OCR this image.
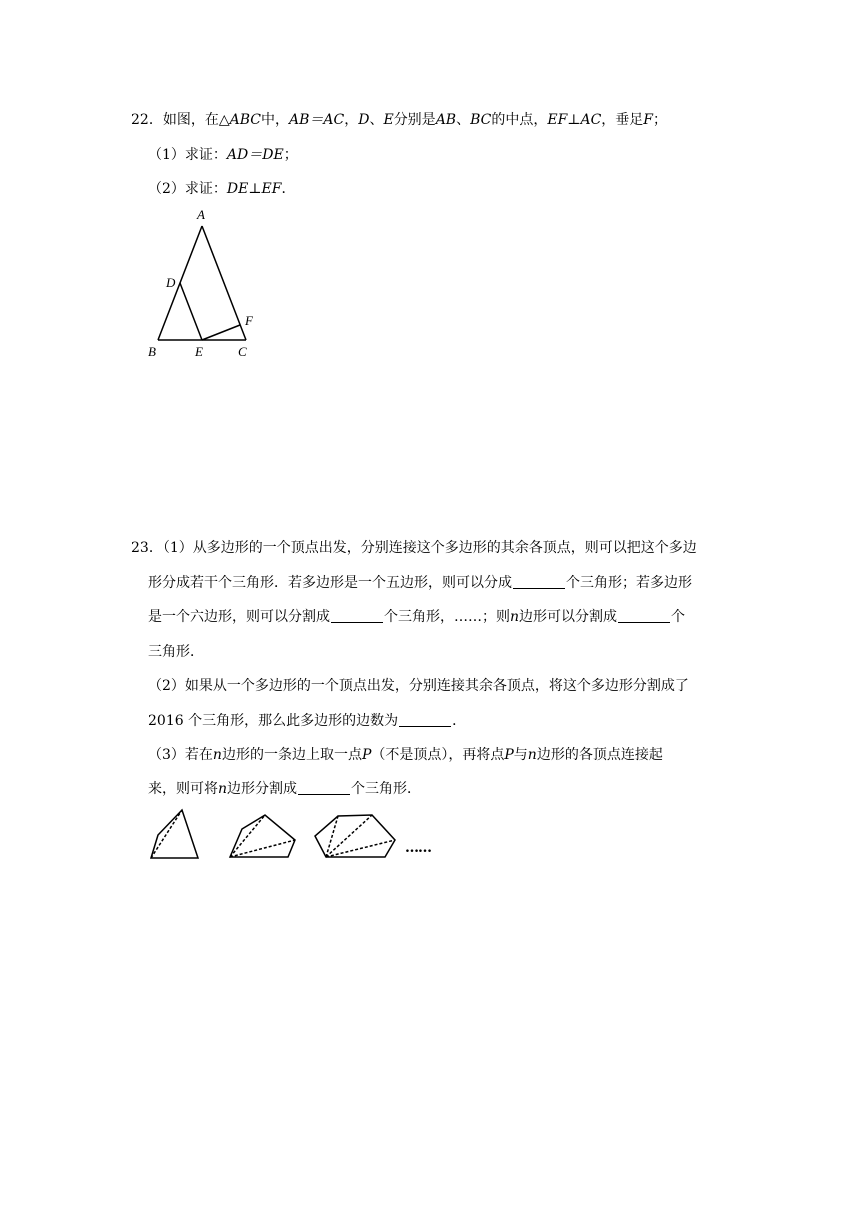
22．如图，在△ABC中，AB＝AC，D、E分别是AB、BC的中点，EF⊥AC，垂足F；
（1）求证：AD＝DE；
（2）求证：DE⊥EF．
A
B	C
D
E
F
23．（1）从多边形的一个顶点出发，分别连接这个多边形的其余各顶点，则可以把这个多边
形分成若干个三角形．若多边形是一个五边形，则可以分成	个三角形；若多边形
是一个六边形，则可以分割成	个三角形，……；则n边形可以分割成	个
三角形．
（2）如果从一个多边形的一个顶点出发，分别连接其余各顶点，将这个多边形分割成了
2016 个三角形，那么此多边形的边数为	．
（3）若在n边形的一条边上取一点P（不是顶点），再将点P与n边形的各顶点连接起
来，则可将n边形分割成	个三角形．
……
